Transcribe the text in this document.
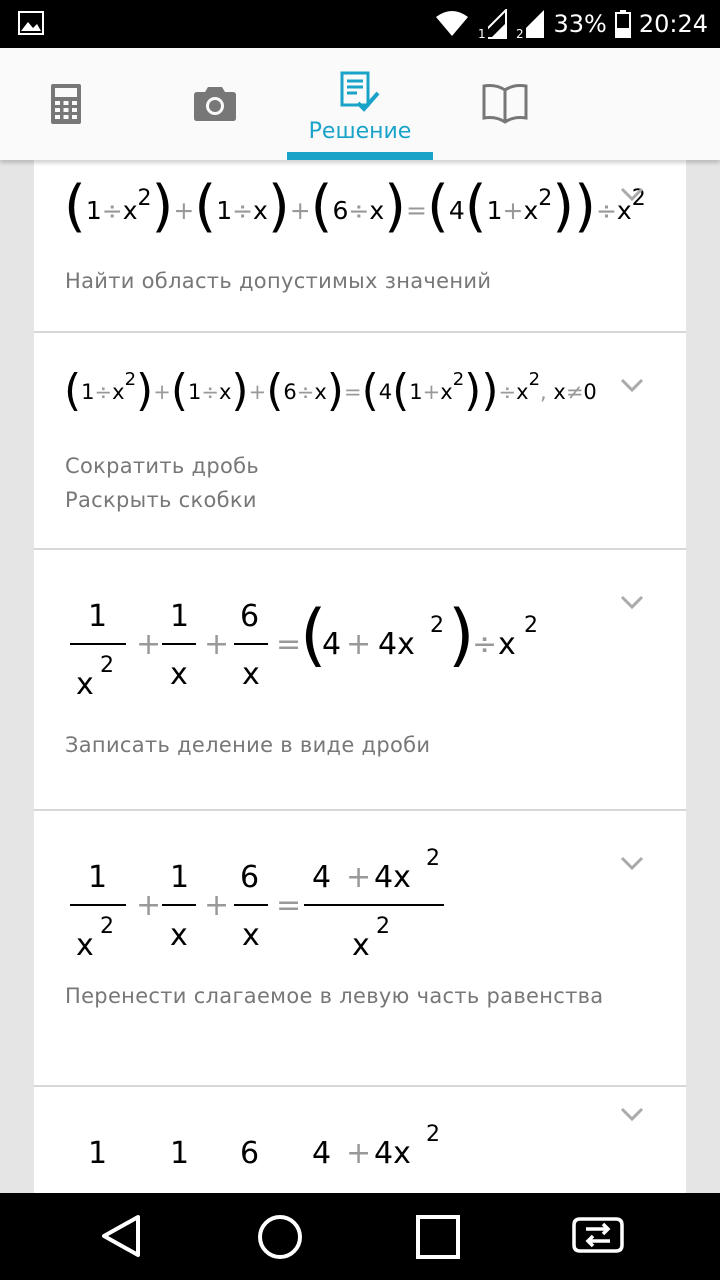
1	2 33% 20:24
Решение
(1÷x2)+(1÷x)+(6÷x)=(4(1+x2))÷x2
Найти область допустимых значений
(1÷x2)+(1÷x)+(6÷x)=(4(1+x2))÷x2, x≠0
Сократить дробь
Раскрыть скобки
1
x
2
+
1
x
+
6
x
=
(
4 + 4x
2 )
÷ x
2
Записать деление в виде дроби
1
x
2
+
1
x
+
6
x
=
4 + 4x
2
x
2
Перенести слагаемое в левую часть равенства
1 1 6 4 + 4x
2
